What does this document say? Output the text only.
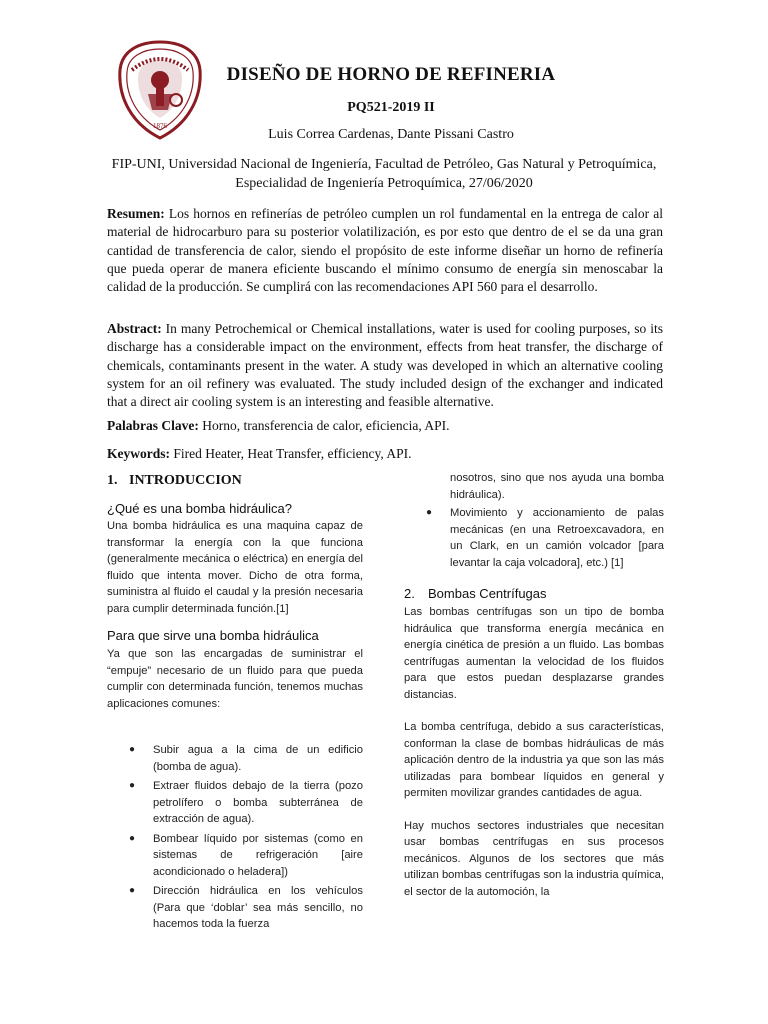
1876
DISEÑO DE HORNO DE REFINERIA
PQ521-2019 II
Luis Correa Cardenas, Dante Pissani Castro
FIP-UNI, Universidad Nacional de Ingeniería, Facultad de Petróleo, Gas Natural y Petroquímica,
Especialidad de Ingeniería Petroquímica, 27/06/2020
Resumen: Los hornos en refinerías de petróleo cumplen un rol fundamental en la entrega de calor al material de hidrocarburo para su posterior volatilización, es por esto que dentro de el se da una gran cantidad de transferencia de calor, siendo el propósito de este informe diseñar un horno de refinería que pueda operar de manera eficiente buscando el mínimo consumo de energía sin menoscabar la calidad de la producción. Se cumplirá con las recomendaciones API 560 para el desarrollo.
Abstract: In many Petrochemical or Chemical installations, water is used for cooling purposes, so its discharge has a considerable impact on the environment, effects from heat transfer, the discharge of chemicals, contaminants present in the water. A study was developed in which an alternative cooling system for an oil refinery was evaluated. The study included design of the exchanger and indicated that a direct air cooling system is an interesting and feasible alternative.
Palabras Clave: Horno, transferencia de calor, eficiencia, API.
Keywords: Fired Heater, Heat Transfer, efficiency, API.
1. INTRODUCCION
¿Qué es una bomba hidráulica?

Una bomba hidráulica es una maquina capaz de transformar la energía con la que funciona (generalmente mecánica o eléctrica) en energía del fluido que intenta mover. Dicho de otra forma, suministra al fluido el caudal y la presión necesaria para cumplir determinada función.[1]

Para que sirve una bomba hidráulica

Ya que son las encargadas de suministrar el “empuje” necesario de un fluido para que pueda cumplir con determinada función, tenemos muchas aplicaciones comunes:

● Subir agua a la cima de un edificio (bomba de agua).
● Extraer fluidos debajo de la tierra (pozo petrolífero o bomba subterránea de extracción de agua).
● Bombear líquido por sistemas (como en sistemas de refrigeración [aire acondicionado o heladera])
● Dirección hidráulica en los vehículos (Para que ‘doblar’ sea más sencillo, no hacemos toda la fuerza

nosotros, sino que nos ayuda una bomba hidráulica).

● Movimiento y accionamiento de palas mecánicas (en una Retroexcavadora, en un Clark, en un camión volcador [para levantar la caja volcadora], etc.) [1]
2. Bombas Centrífugas

Las bombas centrífugas son un tipo de bomba hidráulica que transforma energía mecánica en energía cinética de presión a un fluido. Las bombas centrífugas aumentan la velocidad de los fluidos para que estos puedan desplazarse grandes distancias.

La bomba centrífuga, debido a sus características, conforman la clase de bombas hidráulicas de más aplicación dentro de la industria ya que son las más utilizadas para bombear líquidos en general y permiten movilizar grandes cantidades de agua.

Hay muchos sectores industriales que necesitan usar bombas centrífugas en sus procesos mecánicos. Algunos de los sectores que más utilizan bombas centrífugas son la industria química, el sector de la automoción, la
